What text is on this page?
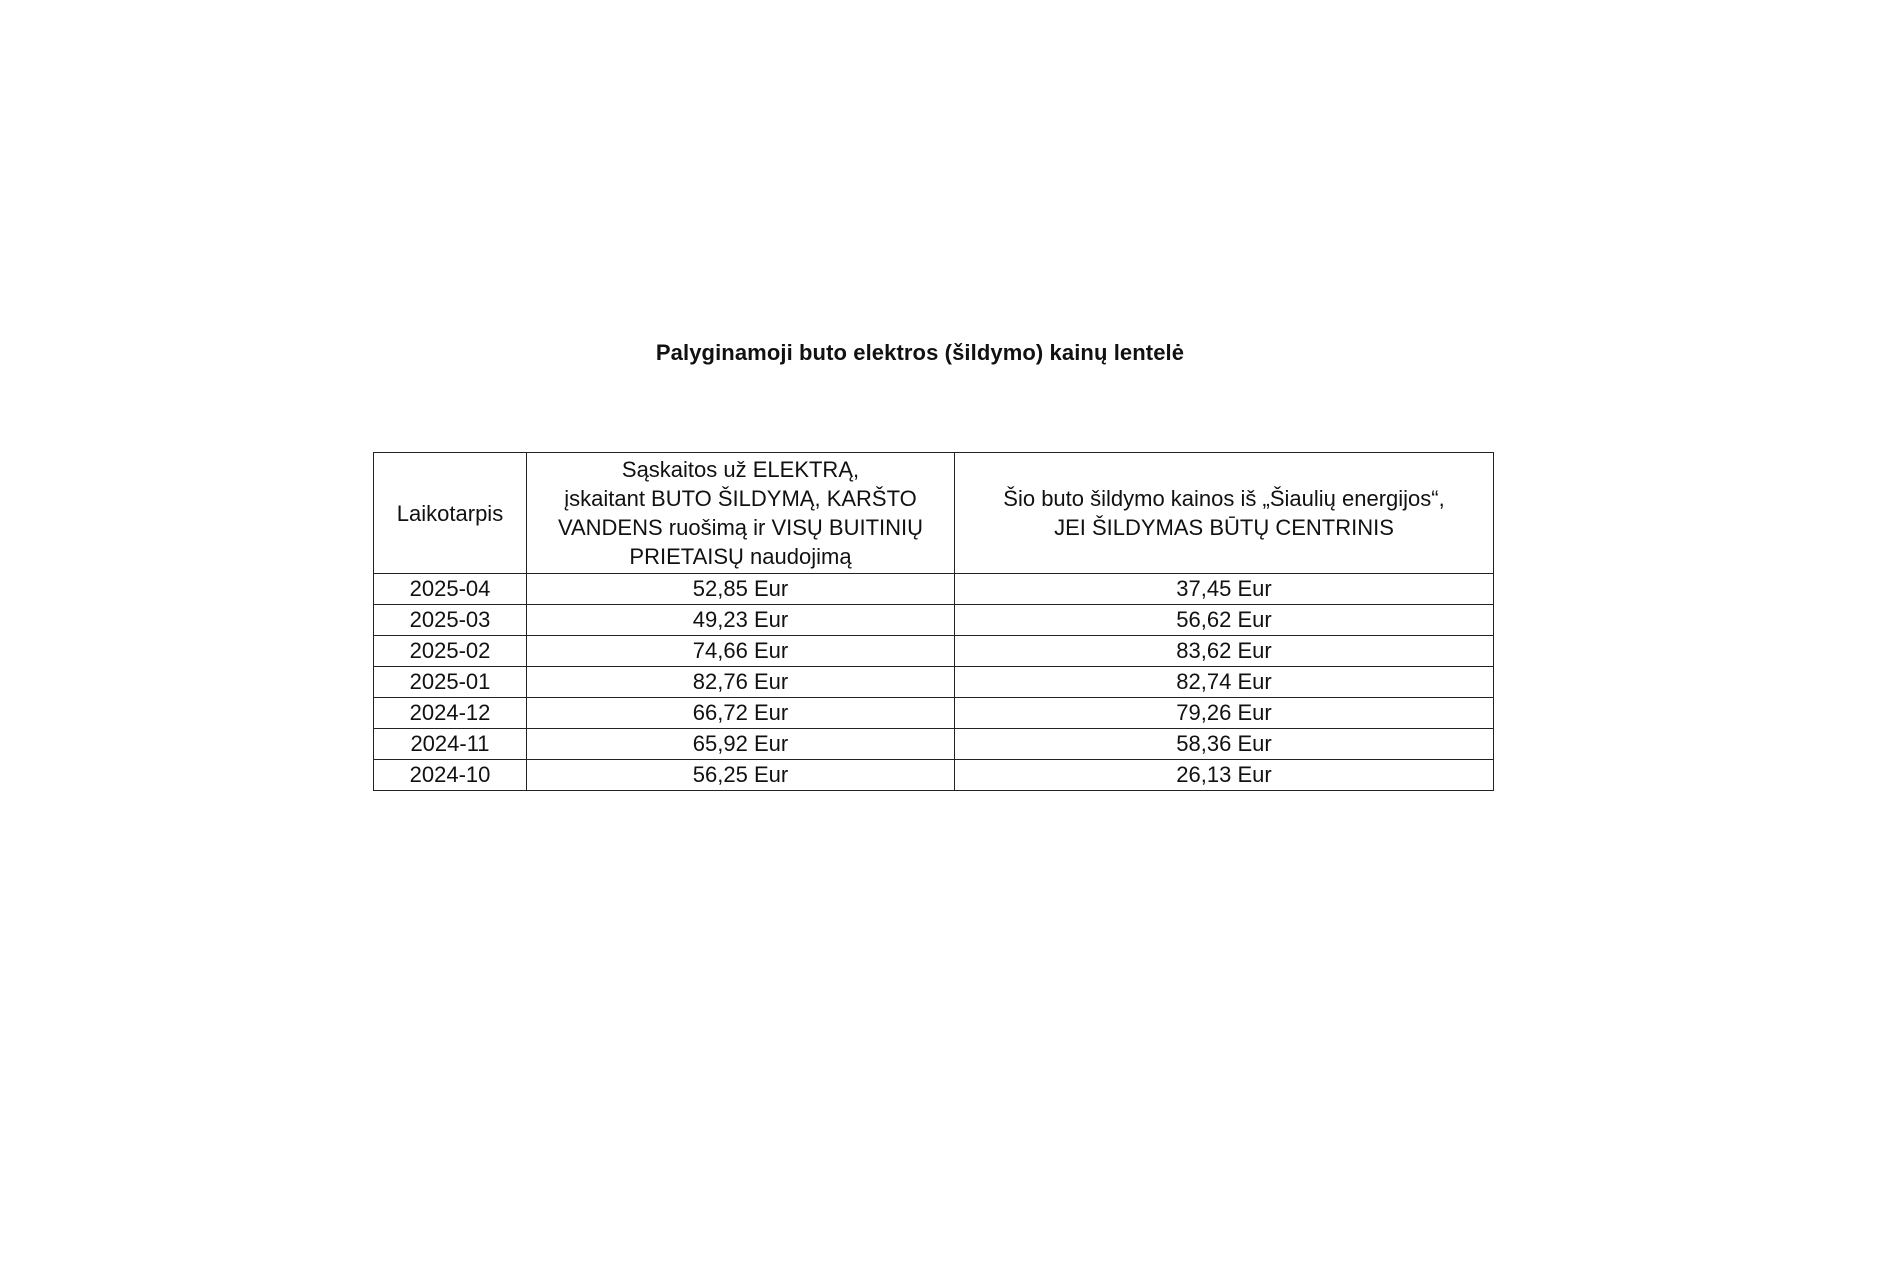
Palyginamoji buto elektros (šildymo) kainų lentelė
Laikotarpis	Sąskaitos už ELEKTRĄ,
įskaitant BUTO ŠILDYMĄ, KARŠTO
VANDENS ruošimą ir VISŲ BUITINIŲ
PRIETAISŲ naudojimą	Šio buto šildymo kainos iš „Šiaulių energijos“,
JEI ŠILDYMAS BŪTŲ CENTRINIS

2025-04	52,85 Eur	37,45 Eur
2025-03	49,23 Eur	56,62 Eur
2025-02	74,66 Eur	83,62 Eur
2025-01	82,76 Eur	82,74 Eur
2024-12	66,72 Eur	79,26 Eur
2024-11	65,92 Eur	58,36 Eur
2024-10	56,25 Eur	26,13 Eur
